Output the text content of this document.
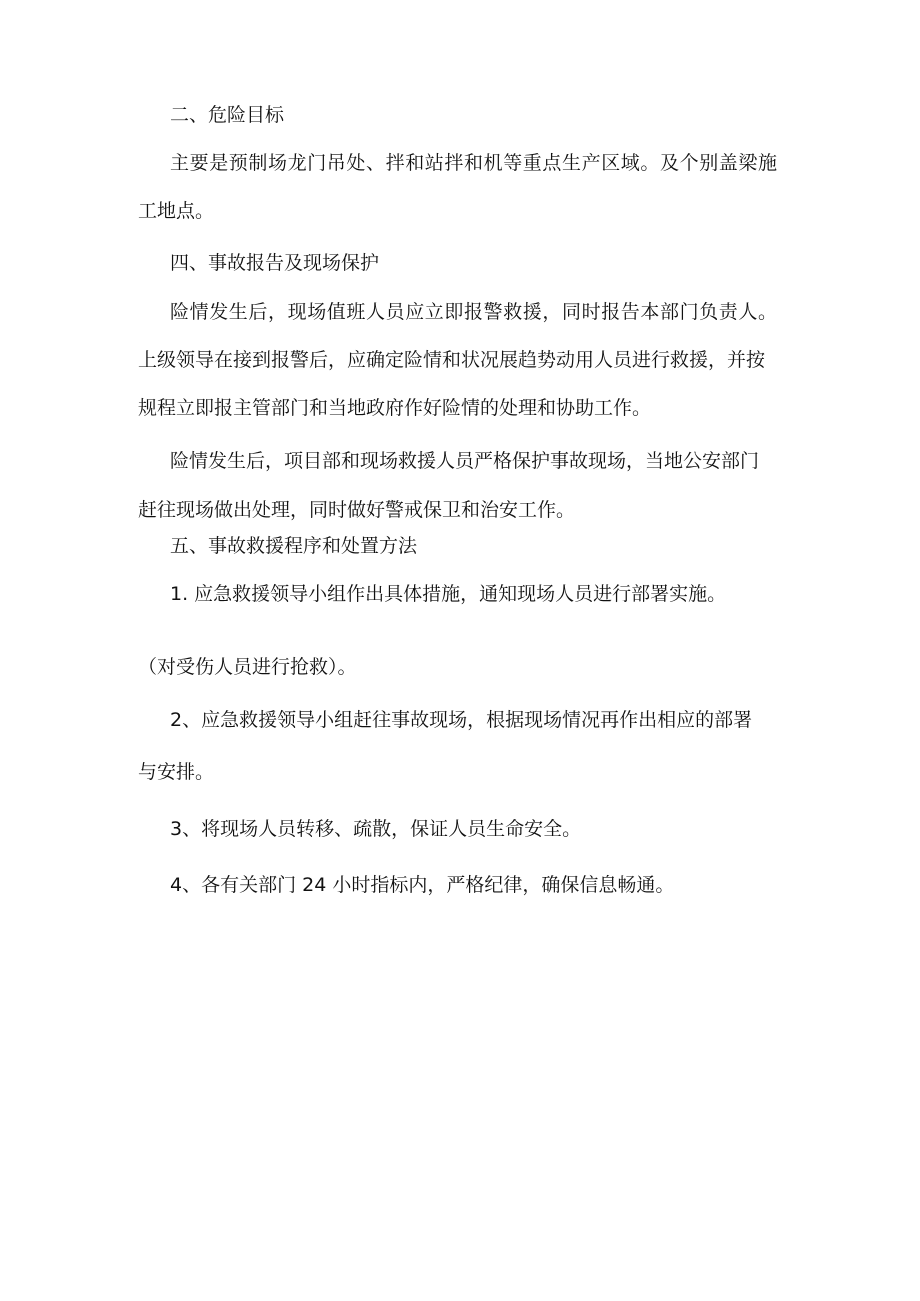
二、危险目标
主要是预制场龙门吊处、拌和站拌和机等重点生产区域。及个别盖梁施
工地点。
四、事故报告及现场保护
险情发生后，现场值班人员应立即报警救援，同时报告本部门负责人。
上级领导在接到报警后，应确定险情和状况展趋势动用人员进行救援，并按
规程立即报主管部门和当地政府作好险情的处理和协助工作。
险情发生后，项目部和现场救援人员严格保护事故现场，当地公安部门
赶往现场做出处理，同时做好警戒保卫和治安工作。
五、事故救援程序和处置方法
1. 应急救援领导小组作出具体措施，通知现场人员进行部署实施。
（对受伤人员进行抢救）。
2、应急救援领导小组赶往事故现场，根据现场情况再作出相应的部署
与安排。
3、将现场人员转移、疏散，保证人员生命安全。
4、各有关部门 24 小时指标内，严格纪律，确保信息畅通。
